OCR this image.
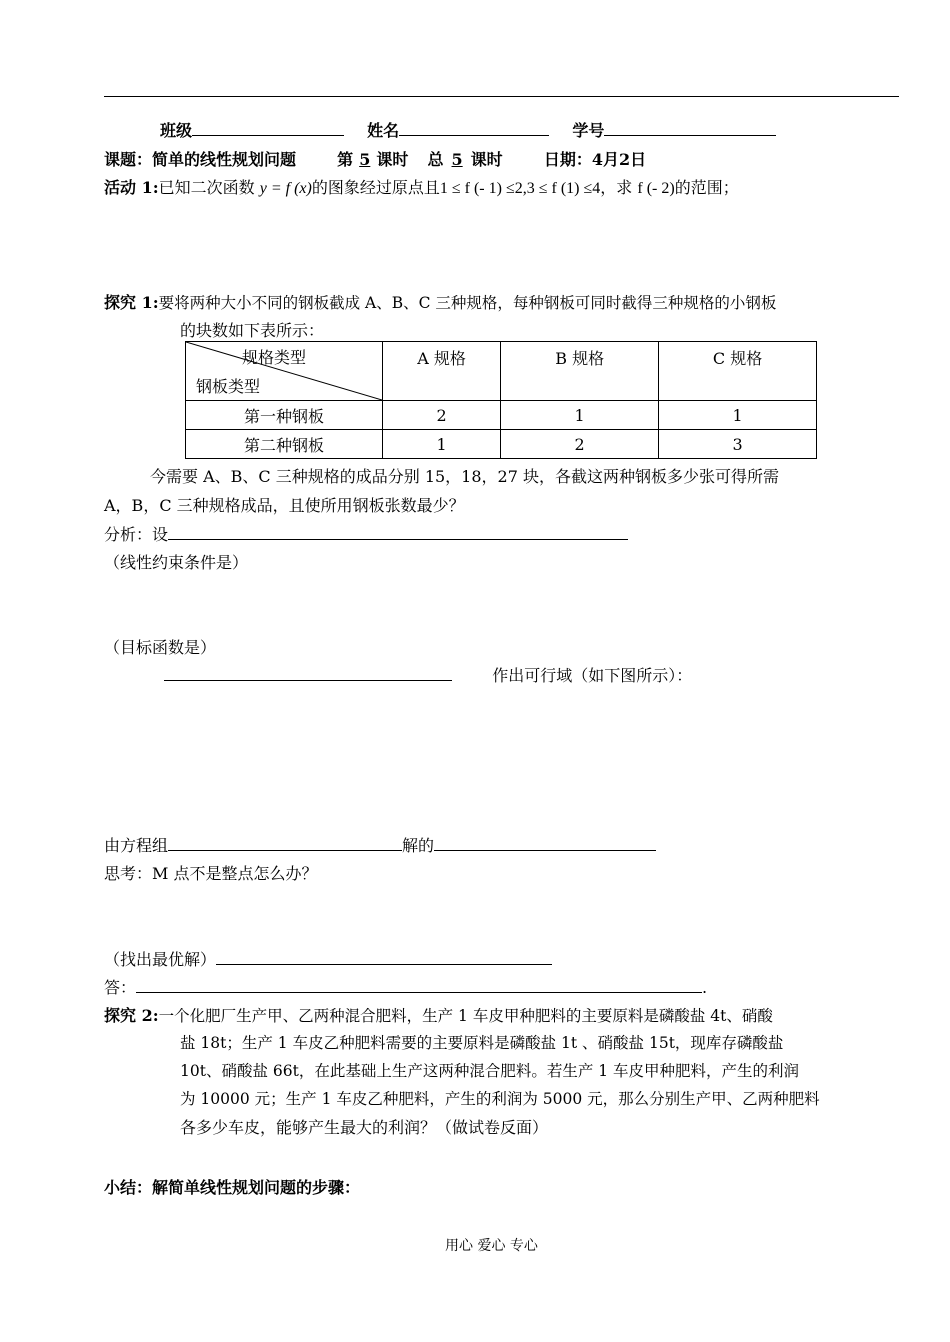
班级	姓名	学号
课题：简单的线性规划问题	第 5 课时 总 5 课时	日期：4月2日
活动 1:已知二次函数 y = f (x)的图象经过原点且1 ≤ f (- 1) ≤2,3 ≤ f (1) ≤4，求 f (- 2)的范围；
探究 1:要将两种大小不同的钢板截成 A、B、C 三种规格，每种钢板可同时截得三种规格的小钢板
的块数如下表所示：
规格类型
钢板类型	A 规格	B 规格	C 规格
第一种钢板	2	1	1
第二种钢板	1	2	3
今需要 A、B、C 三种规格的成品分别 15，18，27 块，各截这两种钢板多少张可得所需
A，B，C 三种规格成品，且使所用钢板张数最少？
分析：设
（线性约束条件是）
（目标函数是）
作出可行域（如下图所示）：
由方程组	解的
思考：M 点不是整点怎么办？
（找出最优解）
答：	.
探究 2:一个化肥厂生产甲、乙两种混合肥料，生产 1 车皮甲种肥料的主要原料是磷酸盐 4t、硝酸
盐 18t；生产 1 车皮乙种肥料需要的主要原料是磷酸盐 1t 、硝酸盐 15t，现库存磷酸盐
10t、硝酸盐 66t，在此基础上生产这两种混合肥料。若生产 1 车皮甲种肥料，产生的利润
为 10000 元；生产 1 车皮乙种肥料，产生的利润为 5000 元，那么分别生产甲、乙两种肥料
各多少车皮，能够产生最大的利润？（做试卷反面）
小结：解简单线性规划问题的步骤：
用心 爱心 专心
